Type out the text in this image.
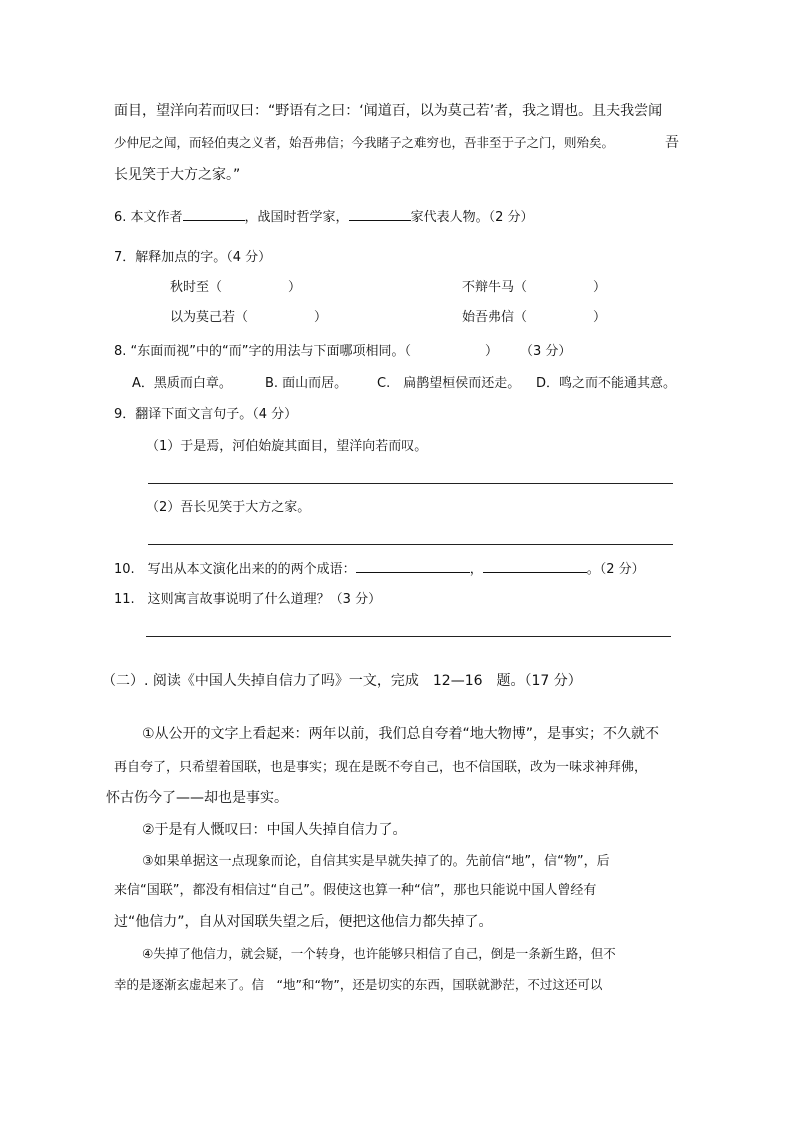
面目，望洋向若而叹曰：“野语有之曰：‘闻道百，以为莫己若’者，我之谓也。且夫我尝闻
少仲尼之闻，而轻伯夷之义者，始吾弗信；今我睹子之难穷也，吾非至于子之门，则殆矣。	吾
长见笑于大方之家。”
6. 本文作者	，战国时哲学家，	家代表人物。（2 分）
7．解释加点的字。（4 分）
秋时至（	）	不辩牛马（	）
以为莫己若（	）	始吾弗信（	）
8. “东面而视”中的“而”字的用法与下面哪项相同。（	） （3 分）
A．黑质而白章。	B. 面山而居。 C.　扁鹊望桓侯而还走。 D．鸣之而不能通其意。
9．翻译下面文言句子。（4 分）
（1）于是焉，河伯始旋其面目，望洋向若而叹。
（2）吾长见笑于大方之家。
10.　写出从本文演化出来的的两个成语：	，	。（2 分）
11.　这则寓言故事说明了什么道理？（3 分）
（二）. 阅读《中国人失掉自信力了吗》一文，完成　12—16　题。（17 分）
①从公开的文字上看起来：两年以前，我们总自夸着“地大物博”，是事实；不久就不
再自夸了，只希望着国联，也是事实；现在是既不夸自己，也不信国联，改为一味求神拜佛，
怀古伤今了——却也是事实。
②于是有人慨叹曰：中国人失掉自信力了。
③如果单据这一点现象而论，自信其实是早就失掉了的。先前信“地”，信“物”，后
来信“国联”，都没有相信过“自己”。假使这也算一种“信”，那也只能说中国人曾经有
过“他信力”，自从对国联失望之后，便把这他信力都失掉了。
④失掉了他信力，就会疑，一个转身，也许能够只相信了自己，倒是一条新生路，但不
幸的是逐渐玄虚起来了。信　“地”和“物”，还是切实的东西，国联就渺茫，不过这还可以
